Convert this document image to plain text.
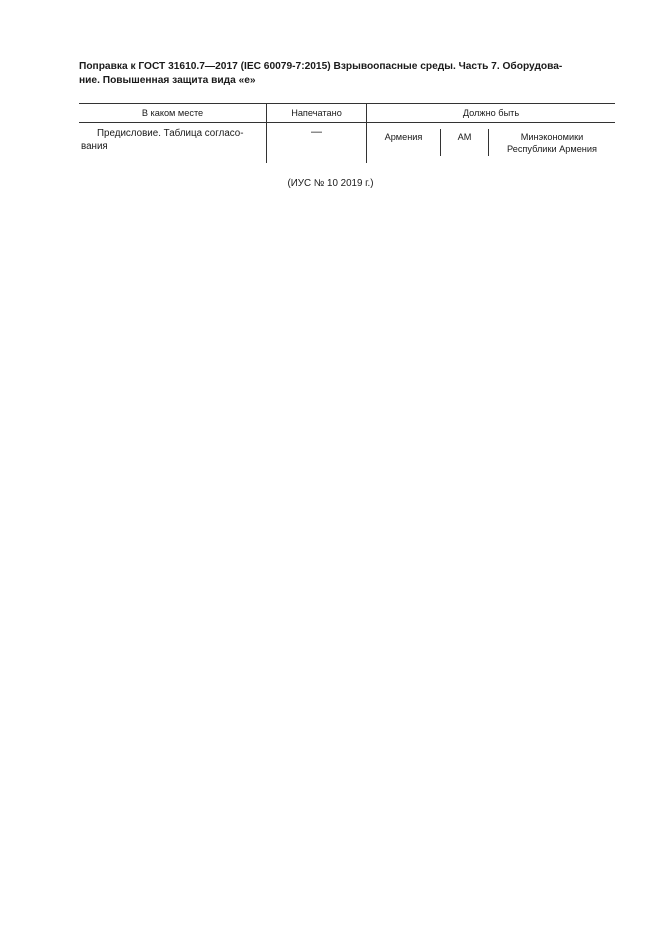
Поправка к ГОСТ 31610.7—2017 (IEC 60079-7:2015) Взрывоопасные среды. Часть 7. Оборудова-
ние. Повышенная защита вида «е»
В каком месте	Напечатано	Должно быть
Предисловие. Таблица согласо-
вания
—	Армения	AM	Минэкономики
Республики Армения
(ИУС № 10 2019 г.)
